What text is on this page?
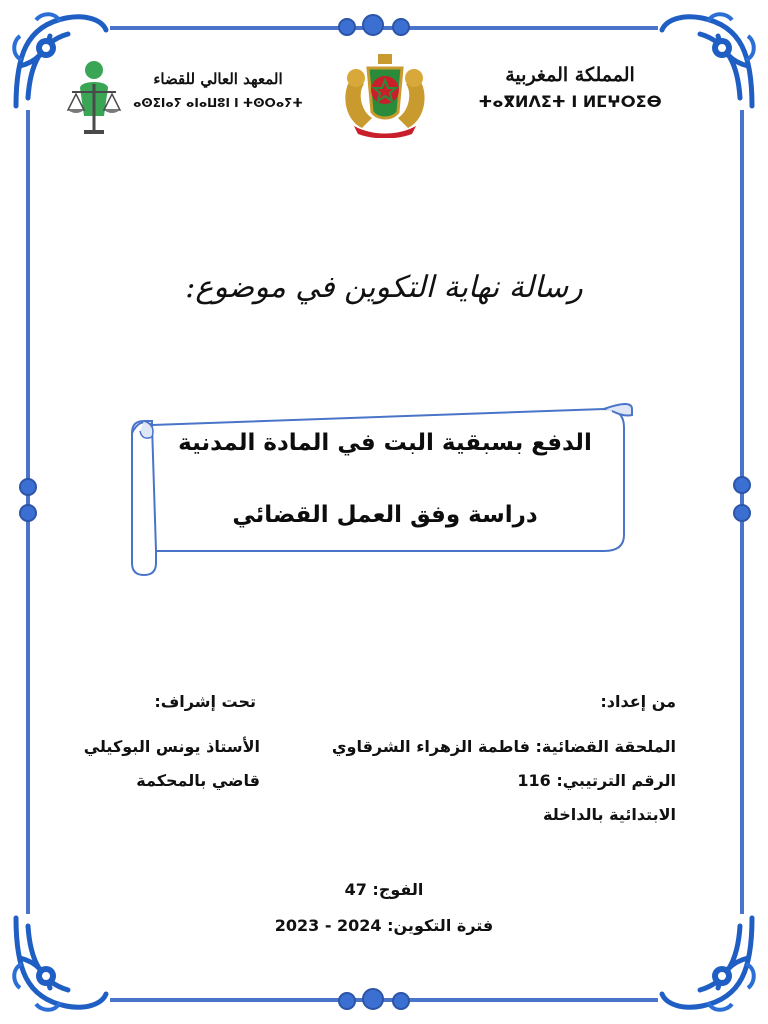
المملكة المغربية
ⵜⴰⴳⵍⴷⵉⵜ ⵏ ⵍⵎⵖⵔⵉⴱ
المعهد العالي للقضاء
ⴰⵙⵉⵏⴰⵢ ⴰⵏⴰⵡⵓⵏ ⵏ ⵜⵙⵔⴰⵢⵜ
رسالة نهاية التكوين في موضوع:
الدفع بسبقية البت في المادة المدنية
دراسة وفق العمل القضائي
من إعداد:
الملحقة القضائية: فاطمة الزهراء الشرقاوي
الرقم الترتيبي: 116
الابتدائية بالداخلة
تحت إشراف:
الأستاذ يونس البوكيلي
قاضي بالمحكمة
الفوج: 47
فترة التكوين: 2024 - 2023
